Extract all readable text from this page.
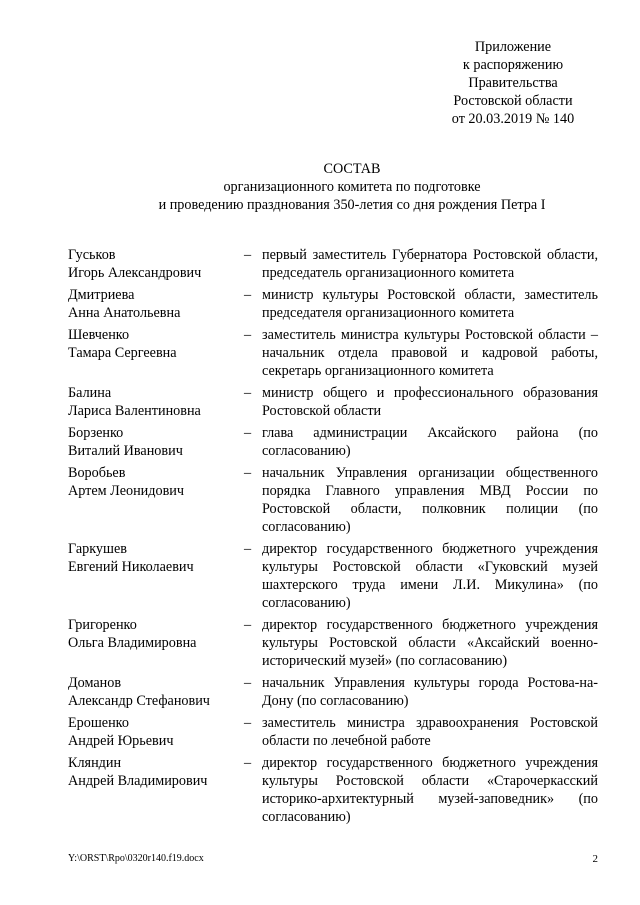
Приложение
к распоряжению
Правительства
Ростовской области
от 20.03.2019 № 140
СОСТАВ
организационного комитета по подготовке
и проведению празднования 350-летия со дня рождения Петра I
Гуськов
Игорь Александрович
– первый заместитель Губернатора Ростовской области, председатель организационного комитета
Дмитриева
Анна Анатольевна
– министр культуры Ростовской области, заместитель председателя организационного комитета
Шевченко
Тамара Сергеевна
– заместитель министра культуры Ростовской области – начальник отдела правовой и кадровой работы, секретарь организационного комитета
Балина
Лариса Валентиновна
– министр общего и профессионального образования Ростовской области
Борзенко
Виталий Иванович
– глава администрации Аксайского района (по согласованию)
Воробьев
Артем Леонидович
– начальник Управления организации общественного порядка Главного управления МВД России по Ростовской области, полковник полиции (по согласованию)
Гаркушев
Евгений Николаевич
– директор государственного бюджетного учреждения культуры Ростовской области «Гуковский музей шахтерского труда имени Л.И. Микулина» (по согласованию)
Григоренко
Ольга Владимировна
– директор государственного бюджетного учреждения культуры Ростовской области «Аксайский военно-исторический музей» (по согласованию)
Доманов
Александр Стефанович
– начальник Управления культуры города Ростова-на-Дону (по согласованию)
Ерошенко
Андрей Юрьевич
– заместитель министра здравоохранения Ростовской области по лечебной работе
Кляндин
Андрей Владимирович
– директор государственного бюджетного учреждения культуры Ростовской области «Старочеркасский историко-архитектурный музей-заповедник» (по согласованию)
Y:\ORST\Rpo\0320r140.f19.docx	2
